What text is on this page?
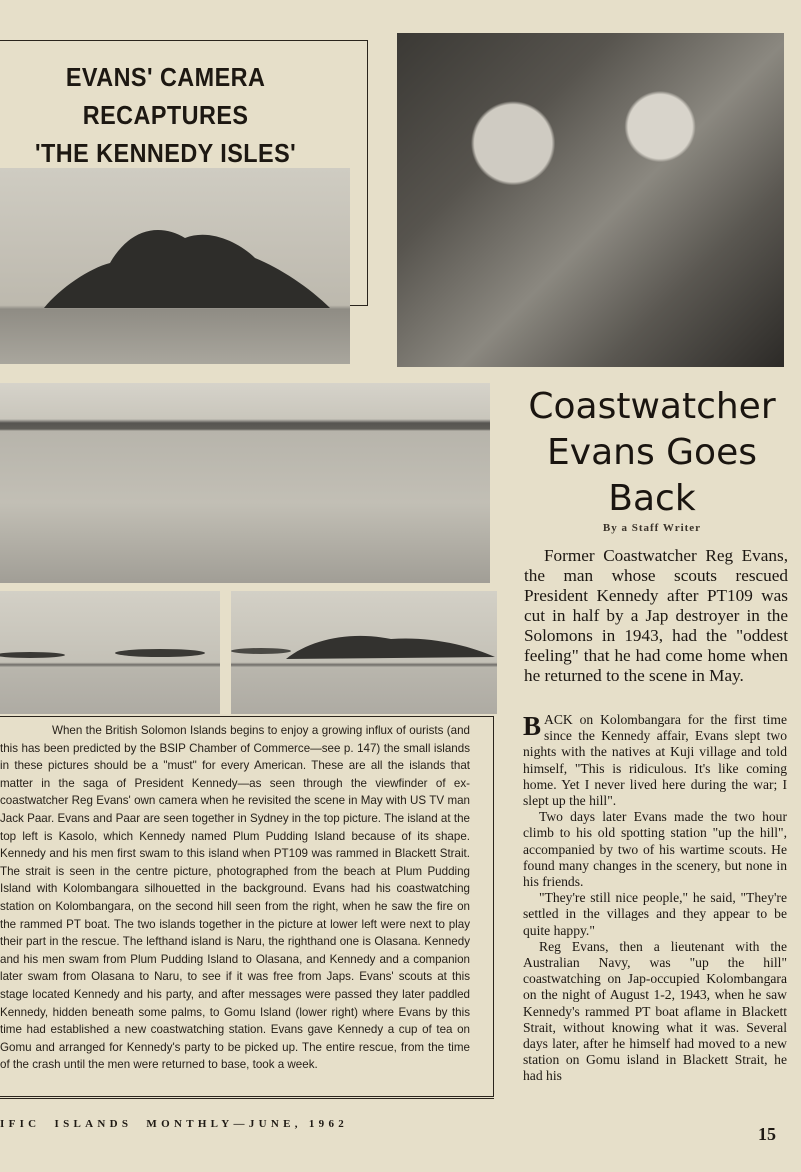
EVANS' CAMERA RECAPTURES
'THE KENNEDY ISLES'
When the British Solomon Islands begins to enjoy a growing influx of ourists (and this has been predicted by the BSIP Chamber of Commerce—see p. 147) the small islands in these pictures should be a "must" for every American. These are all the islands that matter in the saga of President Kennedy—as seen through the viewfinder of ex-coastwatcher Reg Evans' own camera when he revisited the scene in May with US TV man Jack Paar. Evans and Paar are seen together in Sydney in the top picture. The island at the top left is Kasolo, which Kennedy named Plum Pudding Island because of its shape. Kennedy and his men first swam to this island when PT109 was rammed in Blackett Strait. The strait is seen in the centre picture, photographed from the beach at Plum Pudding Island with Kolombangara silhouetted in the background. Evans had his coastwatching station on Kolombangara, on the second hill seen from the right, when he saw the fire on the rammed PT boat. The two islands together in the picture at lower left were next to play their part in the rescue. The lefthand island is Naru, the righthand one is Olasana. Kennedy and his men swam from Plum Pudding Island to Olasana, and Kennedy and a companion later swam from Olasana to Naru, to see if it was free from Japs. Evans' scouts at this stage located Kennedy and his party, and after messages were passed they later paddled Kennedy, hidden beneath some palms, to Gomu Island (lower right) where Evans by this time had established a new coastwatching station. Evans gave Kennedy a cup of tea on Gomu and arranged for Kennedy's party to be picked up. The entire rescue, from the time of the crash until the men were returned to base, took a week.
Coastwatcher
Evans Goes
Back
By a Staff Writer
Former Coastwatcher Reg Evans, the man whose scouts rescued President Kennedy after PT109 was cut in half by a Jap destroyer in the Solomons in 1943, had the "oddest feeling" that he had come home when he returned to the scene in May.

BACK on Kolombangara for the first time since the Kennedy affair, Evans slept two nights with the natives at Kuji village and told himself, "This is ridiculous. It's like coming home. Yet I never lived here during the war; I slept up the hill".

Two days later Evans made the two hour climb to his old spotting station "up the hill", accompanied by two of his wartime scouts. He found many changes in the scenery, but none in his friends.

"They're still nice people," he said, "They're settled in the villages and they appear to be quite happy."

Reg Evans, then a lieutenant with the Australian Navy, was "up the hill" coastwatching on Jap-occupied Kolombangara on the night of August 1-2, 1943, when he saw Kennedy's rammed PT boat aflame in Blackett Strait, without knowing what it was. Several days later, after he himself had moved to a new station on Gomu island in Blackett Strait, he had his

IFIC  ISLANDS  MONTHLY—JUNE, 1962	15
